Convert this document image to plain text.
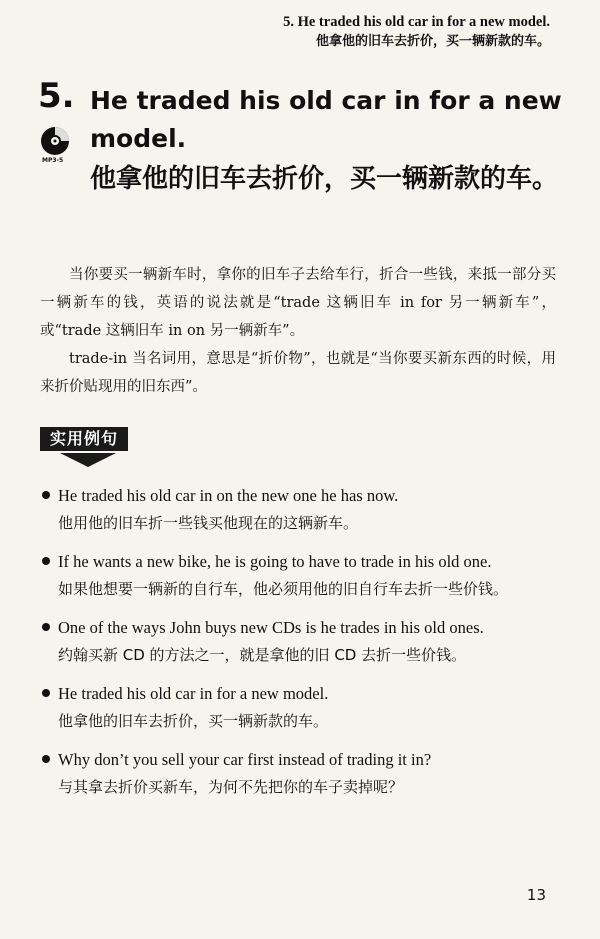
5. He traded his old car in for a new model.
他拿他的旧车去折价，买一辆新款的车。
5. He traded his old car in for a new model.
他拿他的旧车去折价，买一辆新款的车。
MP3-5

当你要买一辆新车时，拿你的旧车子去给车行，折合一些钱，来抵一部分买一辆新车的钱，英语的说法就是“trade 这辆旧车 in for 另一辆新车”，或“trade 这辆旧车 in on 另一辆新车”。

trade-in 当名词用，意思是“折价物”，也就是“当你要买新东西的时候，用来折价贴现用的旧东西”。

实用例句
He traded his old car in on the new one he has now.
他用他的旧车折一些钱买他现在的这辆新车。
If he wants a new bike, he is going to have to trade in his old one.
如果他想要一辆新的自行车，他必须用他的旧自行车去折一些价钱。
One of the ways John buys new CDs is he trades in his old ones.
约翰买新 CD 的方法之一，就是拿他的旧 CD 去折一些价钱。
He traded his old car in for a new model.
他拿他的旧车去折价，买一辆新款的车。
Why don’t you sell your car first instead of trading it in?
与其拿去折价买新车，为何不先把你的车子卖掉呢？
13
